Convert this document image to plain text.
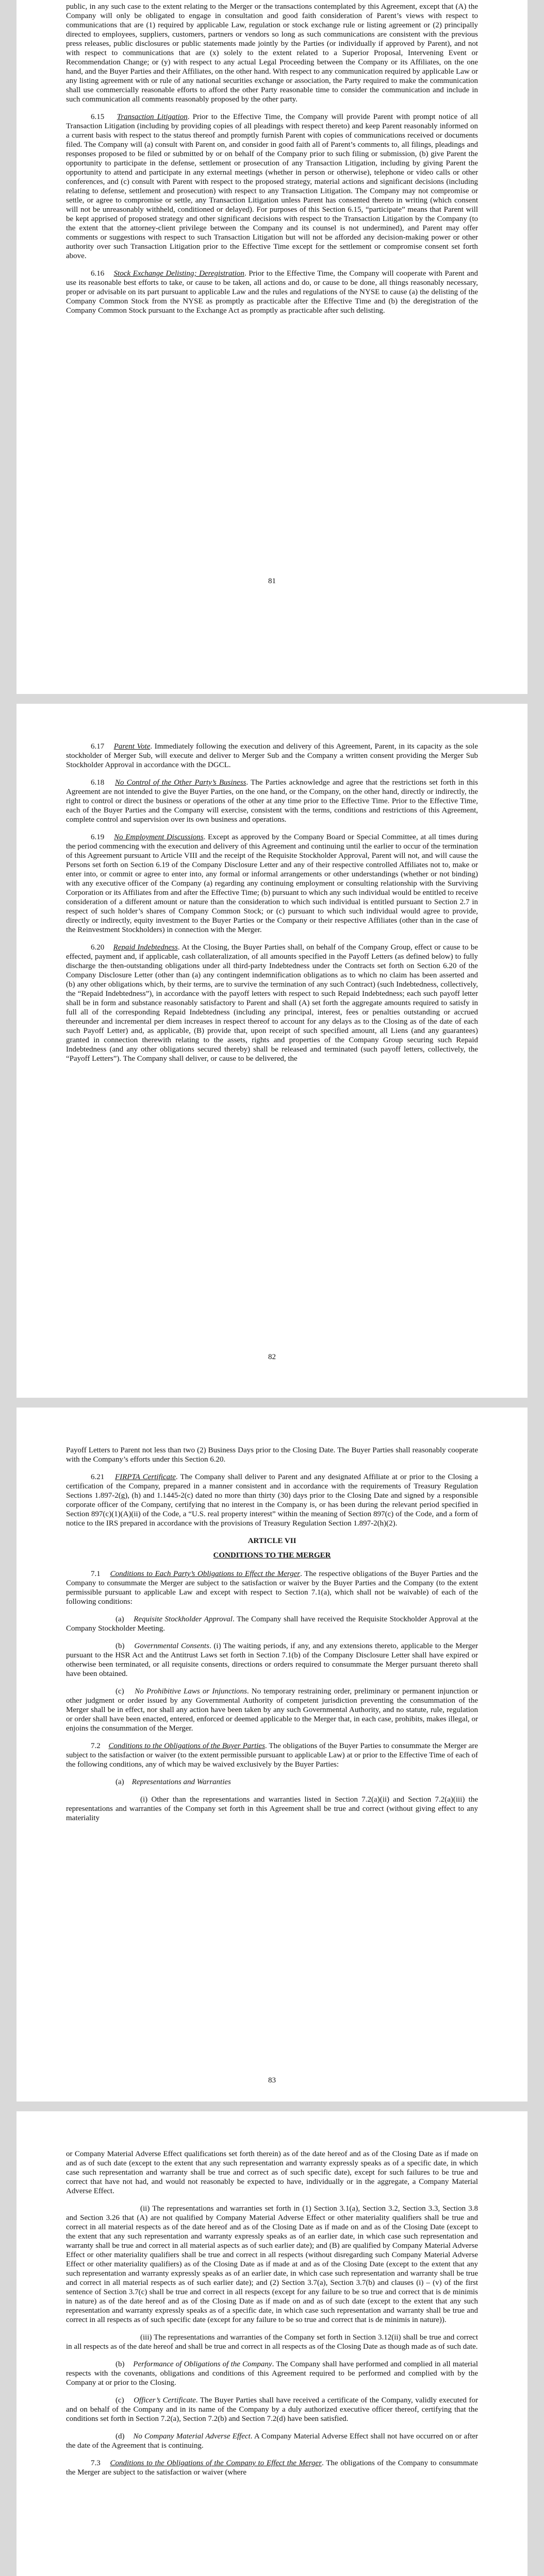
public, in any such case to the extent relating to the Merger or the transactions contemplated by this Agreement, except that (A) the Company will only be obligated to engage in consultation and good faith consideration of Parent’s views with respect to communications that are (1) required by applicable Law, regulation or stock exchange rule or listing agreement or (2) principally directed to employees, suppliers, customers, partners or vendors so long as such communications are consistent with the previous press releases, public disclosures or public statements made jointly by the Parties (or individually if approved by Parent), and not with respect to communications that are (x) solely to the extent related to a Superior Proposal, Intervening Event or Recommendation Change; or (y) with respect to any actual Legal Proceeding between the Company or its Affiliates, on the one hand, and the Buyer Parties and their Affiliates, on the other hand. With respect to any communication required by applicable Law or any listing agreement with or rule of any national securities exchange or association, the Party required to make the communication shall use commercially reasonable efforts to afford the other Party reasonable time to consider the communication and include in such communication all comments reasonably proposed by the other party.

6.15 Transaction Litigation. Prior to the Effective Time, the Company will provide Parent with prompt notice of all Transaction Litigation (including by providing copies of all pleadings with respect thereto) and keep Parent reasonably informed on a current basis with respect to the status thereof and promptly furnish Parent with copies of communications received or documents filed. The Company will (a) consult with Parent on, and consider in good faith all of Parent’s comments to, all filings, pleadings and responses proposed to be filed or submitted by or on behalf of the Company prior to such filing or submission, (b) give Parent the opportunity to participate in the defense, settlement or prosecution of any Transaction Litigation, including by giving Parent the opportunity to attend and participate in any external meetings (whether in person or otherwise), telephone or video calls or other conferences, and (c) consult with Parent with respect to the proposed strategy, material actions and significant decisions (including relating to defense, settlement and prosecution) with respect to any Transaction Litigation. The Company may not compromise or settle, or agree to compromise or settle, any Transaction Litigation unless Parent has consented thereto in writing (which consent will not be unreasonably withheld, conditioned or delayed). For purposes of this Section 6.15, “participate” means that Parent will be kept apprised of proposed strategy and other significant decisions with respect to the Transaction Litigation by the Company (to the extent that the attorney-client privilege between the Company and its counsel is not undermined), and Parent may offer comments or suggestions with respect to such Transaction Litigation but will not be afforded any decision-making power or other authority over such Transaction Litigation prior to the Effective Time except for the settlement or compromise consent set forth above.

6.16 Stock Exchange Delisting; Deregistration. Prior to the Effective Time, the Company will cooperate with Parent and use its reasonable best efforts to take, or cause to be taken, all actions and do, or cause to be done, all things reasonably necessary, proper or advisable on its part pursuant to applicable Law and the rules and regulations of the NYSE to cause (a) the delisting of the Company Common Stock from the NYSE as promptly as practicable after the Effective Time and (b) the deregistration of the Company Common Stock pursuant to the Exchange Act as promptly as practicable after such delisting.

81

6.17 Parent Vote. Immediately following the execution and delivery of this Agreement, Parent, in its capacity as the sole stockholder of Merger Sub, will execute and deliver to Merger Sub and the Company a written consent providing the Merger Sub Stockholder Approval in accordance with the DGCL.

6.18 No Control of the Other Party’s Business. The Parties acknowledge and agree that the restrictions set forth in this Agreement are not intended to give the Buyer Parties, on the one hand, or the Company, on the other hand, directly or indirectly, the right to control or direct the business or operations of the other at any time prior to the Effective Time. Prior to the Effective Time, each of the Buyer Parties and the Company will exercise, consistent with the terms, conditions and restrictions of this Agreement, complete control and supervision over its own business and operations.

6.19 No Employment Discussions. Except as approved by the Company Board or Special Committee, at all times during the period commencing with the execution and delivery of this Agreement and continuing until the earlier to occur of the termination of this Agreement pursuant to Article VIII and the receipt of the Requisite Stockholder Approval, Parent will not, and will cause the Persons set forth on Section 6.19 of the Company Disclosure Letter and any of their respective controlled Affiliates not to, make or enter into, or commit or agree to enter into, any formal or informal arrangements or other understandings (whether or not binding) with any executive officer of the Company (a) regarding any continuing employment or consulting relationship with the Surviving Corporation or its Affiliates from and after the Effective Time; (b) pursuant to which any such individual would be entitled to receive consideration of a different amount or nature than the consideration to which such individual is entitled pursuant to Section 2.7 in respect of such holder’s shares of Company Common Stock; or (c) pursuant to which such individual would agree to provide, directly or indirectly, equity investment to the Buyer Parties or the Company or their respective Affiliates (other than in the case of the Reinvestment Stockholders) in connection with the Merger.

6.20 Repaid Indebtedness. At the Closing, the Buyer Parties shall, on behalf of the Company Group, effect or cause to be effected, payment and, if applicable, cash collateralization, of all amounts specified in the Payoff Letters (as defined below) to fully discharge the then-outstanding obligations under all third-party Indebtedness under the Contracts set forth on Section 6.20 of the Company Disclosure Letter (other than (a) any contingent indemnification obligations as to which no claim has been asserted and (b) any other obligations which, by their terms, are to survive the termination of any such Contract) (such Indebtedness, collectively, the “Repaid Indebtedness”), in accordance with the payoff letters with respect to such Repaid Indebtedness; each such payoff letter shall be in form and substance reasonably satisfactory to Parent and shall (A) set forth the aggregate amounts required to satisfy in full all of the corresponding Repaid Indebtedness (including any principal, interest, fees or penalties outstanding or accrued thereunder and incremental per diem increases in respect thereof to account for any delays as to the Closing as of the date of each such Payoff Letter) and, as applicable, (B) provide that, upon receipt of such specified amount, all Liens (and any guarantees) granted in connection therewith relating to the assets, rights and properties of the Company Group securing such Repaid Indebtedness (and any other obligations secured thereby) shall be released and terminated (such payoff letters, collectively, the “Payoff Letters”). The Company shall deliver, or cause to be delivered, the

82

Payoff Letters to Parent not less than two (2) Business Days prior to the Closing Date. The Buyer Parties shall reasonably cooperate with the Company’s efforts under this Section 6.20.

6.21 FIRPTA Certificate. The Company shall deliver to Parent and any designated Affiliate at or prior to the Closing a certification of the Company, prepared in a manner consistent and in accordance with the requirements of Treasury Regulation Sections 1.897-2(g), (h) and 1.1445-2(c) dated no more than thirty (30) days prior to the Closing Date and signed by a responsible corporate officer of the Company, certifying that no interest in the Company is, or has been during the relevant period specified in Section 897(c)(1)(A)(ii) of the Code, a “U.S. real property interest” within the meaning of Section 897(c) of the Code, and a form of notice to the IRS prepared in accordance with the provisions of Treasury Regulation Section 1.897-2(h)(2).

ARTICLE VII
CONDITIONS TO THE MERGER

7.1 Conditions to Each Party’s Obligations to Effect the Merger. The respective obligations of the Buyer Parties and the Company to consummate the Merger are subject to the satisfaction or waiver by the Buyer Parties and the Company (to the extent permissible pursuant to applicable Law and except with respect to Section 7.1(a), which shall not be waivable) of each of the following conditions:

(a) Requisite Stockholder Approval. The Company shall have received the Requisite Stockholder Approval at the Company Stockholder Meeting.

(b) Governmental Consents. (i) The waiting periods, if any, and any extensions thereto, applicable to the Merger pursuant to the HSR Act and the Antitrust Laws set forth in Section 7.1(b) of the Company Disclosure Letter shall have expired or otherwise been terminated, or all requisite consents, directions or orders required to consummate the Merger pursuant thereto shall have been obtained.

(c) No Prohibitive Laws or Injunctions. No temporary restraining order, preliminary or permanent injunction or other judgment or order issued by any Governmental Authority of competent jurisdiction preventing the consummation of the Merger shall be in effect, nor shall any action have been taken by any such Governmental Authority, and no statute, rule, regulation or order shall have been enacted, entered, enforced or deemed applicable to the Merger that, in each case, prohibits, makes illegal, or enjoins the consummation of the Merger.

7.2 Conditions to the Obligations of the Buyer Parties. The obligations of the Buyer Parties to consummate the Merger are subject to the satisfaction or waiver (to the extent permissible pursuant to applicable Law) at or prior to the Effective Time of each of the following conditions, any of which may be waived exclusively by the Buyer Parties:

(a) Representations and Warranties

(i) Other than the representations and warranties listed in Section 7.2(a)(ii) and Section 7.2(a)(iii) the representations and warranties of the Company set forth in this Agreement shall be true and correct (without giving effect to any materiality

83

or Company Material Adverse Effect qualifications set forth therein) as of the date hereof and as of the Closing Date as if made on and as of such date (except to the extent that any such representation and warranty expressly speaks as of a specific date, in which case such representation and warranty shall be true and correct as of such specific date), except for such failures to be true and correct that have not had, and would not reasonably be expected to have, individually or in the aggregate, a Company Material Adverse Effect.

(ii) The representations and warranties set forth in (1) Section 3.1(a), Section 3.2, Section 3.3, Section 3.8 and Section 3.26 that (A) are not qualified by Company Material Adverse Effect or other materiality qualifiers shall be true and correct in all material respects as of the date hereof and as of the Closing Date as if made on and as of the Closing Date (except to the extent that any such representation and warranty expressly speaks as of an earlier date, in which case such representation and warranty shall be true and correct in all material aspects as of such earlier date); and (B) are qualified by Company Material Adverse Effect or other materiality qualifiers shall be true and correct in all respects (without disregarding such Company Material Adverse Effect or other materiality qualifiers) as of the Closing Date as if made at and as of the Closing Date (except to the extent that any such representation and warranty expressly speaks as of an earlier date, in which case such representation and warranty shall be true and correct in all material respects as of such earlier date); and (2) Section 3.7(a), Section 3.7(b) and clauses (i) – (v) of the first sentence of Section 3.7(c) shall be true and correct in all respects (except for any failure to be so true and correct that is de minimis in nature) as of the date hereof and as of the Closing Date as if made on and as of such date (except to the extent that any such representation and warranty expressly speaks as of a specific date, in which case such representation and warranty shall be true and correct in all respects as of such specific date (except for any failure to be so true and correct that is de minimis in nature)).

(iii) The representations and warranties of the Company set forth in Section 3.12(ii) shall be true and correct in all respects as of the date hereof and shall be true and correct in all respects as of the Closing Date as though made as of such date.

(b) Performance of Obligations of the Company. The Company shall have performed and complied in all material respects with the covenants, obligations and conditions of this Agreement required to be performed and complied with by the Company at or prior to the Closing.

(c) Officer’s Certificate. The Buyer Parties shall have received a certificate of the Company, validly executed for and on behalf of the Company and in its name of the Company by a duly authorized executive officer thereof, certifying that the conditions set forth in Section 7.2(a), Section 7.2(b) and Section 7.2(d) have been satisfied.

(d) No Company Material Adverse Effect. A Company Material Adverse Effect shall not have occurred on or after the date of the Agreement that is continuing.

7.3 Conditions to the Obligations of the Company to Effect the Merger. The obligations of the Company to consummate the Merger are subject to the satisfaction or waiver (where
